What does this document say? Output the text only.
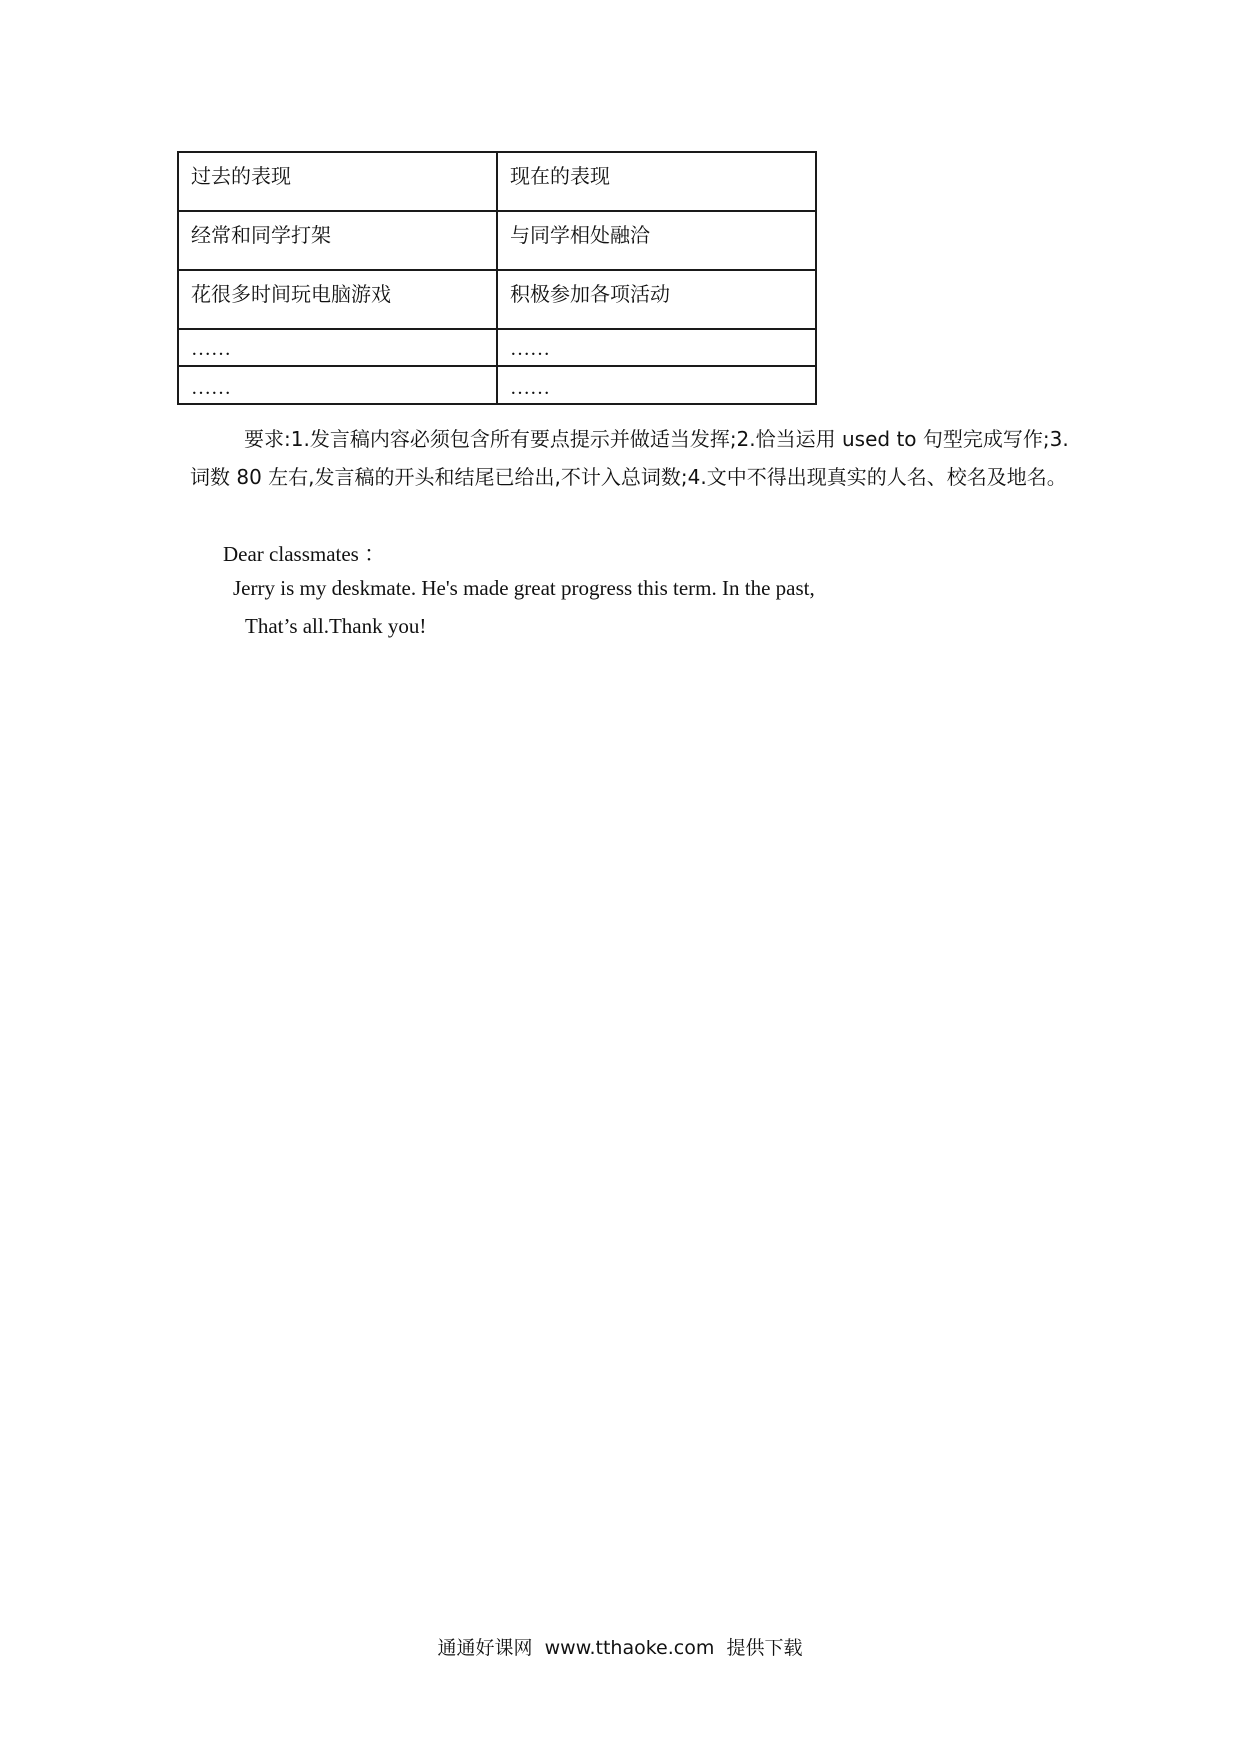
过去的表现	现在的表现
经常和同学打架	与同学相处融洽
花很多时间玩电脑游戏	积极参加各项活动
……	……
……	……

要求:1.发言稿内容必须包含所有要点提示并做适当发挥;2.恰当运用 used to 句型完成写作;3.词数 80 左右,发言稿的开头和结尾已给出,不计入总词数;4.文中不得出现真实的人名、校名及地名。

Dear classmates ：

Jerry is my deskmate. He's made great progress this term. In the past,

That’s all.Thank you!

通通好课网  www.tthaoke.com  提供下载
